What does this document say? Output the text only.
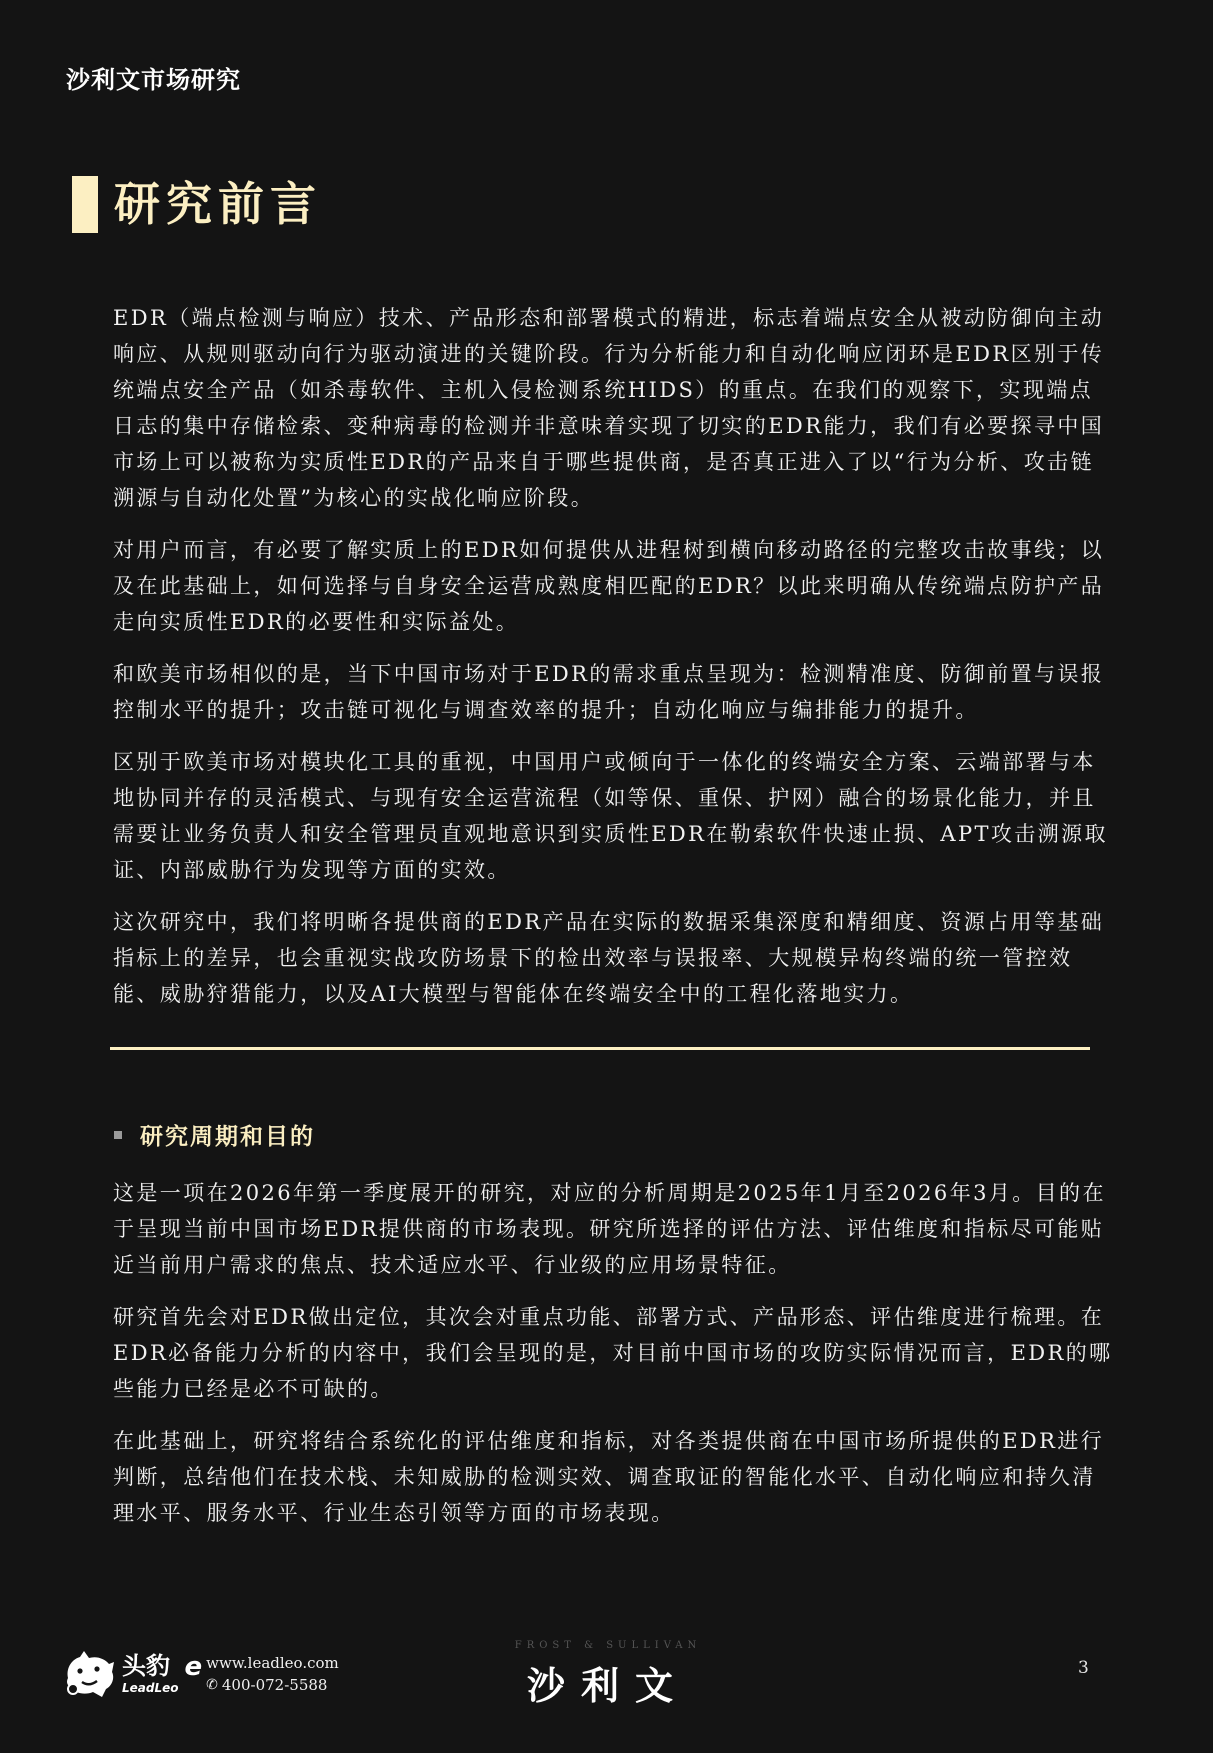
沙利文市场研究
研究前言

EDR（端点检测与响应）技术、产品形态和部署模式的精进，标志着端点安全从被动防御向主动响应、从规则驱动向行为驱动演进的关键阶段。行为分析能力和自动化响应闭环是EDR区别于传统端点安全产品（如杀毒软件、主机入侵检测系统HIDS）的重点。在我们的观察下，实现端点日志的集中存储检索、变种病毒的检测并非意味着实现了切实的EDR能力，我们有必要探寻中国市场上可以被称为实质性EDR的产品来自于哪些提供商，是否真正进入了以“行为分析、攻击链溯源与自动化处置”为核心的实战化响应阶段。

对用户而言，有必要了解实质上的EDR如何提供从进程树到横向移动路径的完整攻击故事线；以及在此基础上，如何选择与自身安全运营成熟度相匹配的EDR？以此来明确从传统端点防护产品走向实质性EDR的必要性和实际益处。

和欧美市场相似的是，当下中国市场对于EDR的需求重点呈现为：检测精准度、防御前置与误报控制水平的提升；攻击链可视化与调查效率的提升；自动化响应与编排能力的提升。

区别于欧美市场对模块化工具的重视，中国用户或倾向于一体化的终端安全方案、云端部署与本地协同并存的灵活模式、与现有安全运营流程（如等保、重保、护网）融合的场景化能力，并且需要让业务负责人和安全管理员直观地意识到实质性EDR在勒索软件快速止损、APT攻击溯源取证、内部威胁行为发现等方面的实效。

这次研究中，我们将明晰各提供商的EDR产品在实际的数据采集深度和精细度、资源占用等基础指标上的差异，也会重视实战攻防场景下的检出效率与误报率、大规模异构终端的统一管控效能、威胁狩猎能力，以及AI大模型与智能体在终端安全中的工程化落地实力。

研究周期和目的

这是一项在2026年第一季度展开的研究，对应的分析周期是2025年1月至2026年3月。目的在于呈现当前中国市场EDR提供商的市场表现。研究所选择的评估方法、评估维度和指标尽可能贴近当前用户需求的焦点、技术适应水平、行业级的应用场景特征。

研究首先会对EDR做出定位，其次会对重点功能、部署方式、产品形态、评估维度进行梳理。在EDR必备能力分析的内容中，我们会呈现的是，对目前中国市场的攻防实际情况而言，EDR的哪些能力已经是必不可缺的。

在此基础上，研究将结合系统化的评估维度和指标，对各类提供商在中国市场所提供的EDR进行判断，总结他们在技术栈、未知威胁的检测实效、调查取证的智能化水平、自动化响应和持久清理水平、服务水平、行业生态引领等方面的市场表现。

头豹
LeadLeo
e www.leadleo.com
✆ 400-072-5588
FROST & SULLIVAN
沙利文	3
